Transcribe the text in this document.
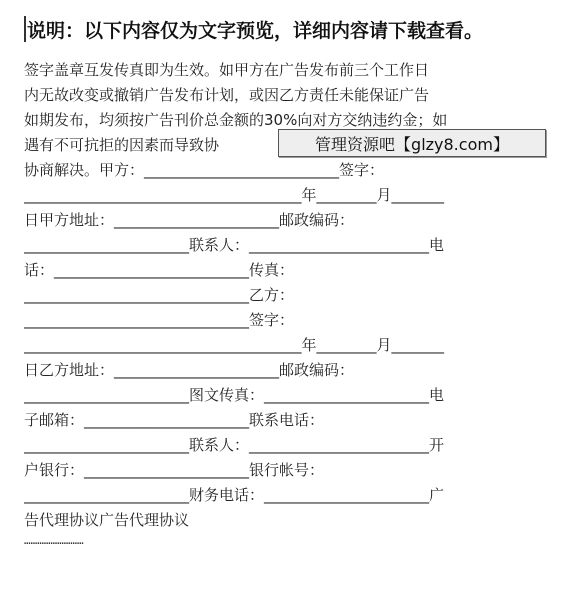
说明：以下内容仅为文字预览，详细内容请下载查看。
签字盖章互发传真即为生效。如甲方在广告发布前三个工作日
内无故改变或撤销广告发布计划，或因乙方责任未能保证广告
如期发布，均须按广告刊价总金额的30%向对方交纳违约金；如
遇有不可抗拒的因素而导致协
协商解决。甲方：__________________________签字：
_____________________________________年________月_______
日甲方地址：______________________邮政编码：
______________________联系人：________________________电
话：__________________________传真：
______________________________乙方：
______________________________签字：
_____________________________________年________月_______
日乙方地址：______________________邮政编码：
______________________图文传真：______________________电
子邮箱：______________________联系电话：
______________________联系人：________________________开
户银行：______________________银行帐号：
______________________财务电话：______________________广
告代理协议广告代理协议
………………………
管理资源吧【glzy8.com】
